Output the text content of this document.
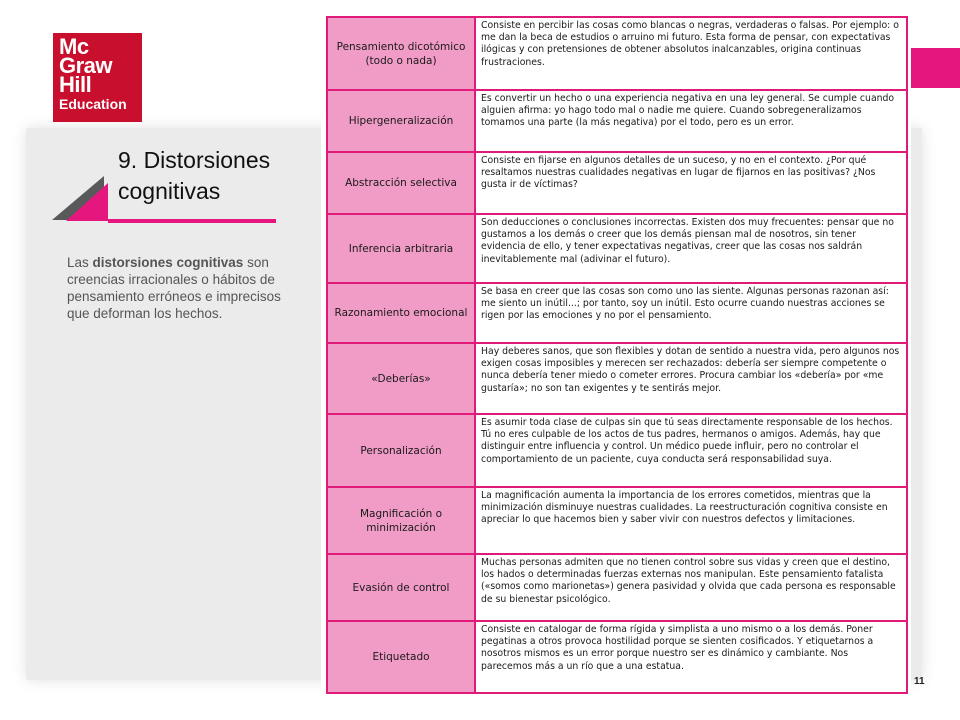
Mc
Graw
Hill
Education
9. Distorsiones cognitivas
Las distorsiones cognitivas son creencias irracionales o hábitos de pensamiento erróneos e imprecisos que deforman los hechos.
Pensamiento dicotómico (todo o nada)	Consiste en percibir las cosas como blancas o negras, verdaderas o falsas. Por ejemplo: o me dan la beca de estudios o arruino mi futuro. Esta forma de pensar, con expectativas ilógicas y con pretensiones de obtener absolutos inalcanzables, origina continuas frustraciones.
Hipergeneralización	Es convertir un hecho o una experiencia negativa en una ley general. Se cumple cuando alguien afirma: yo hago todo mal o nadie me quiere. Cuando sobregeneralizamos tomamos una parte (la más negativa) por el todo, pero es un error.
Abstracción selectiva	Consiste en fijarse en algunos detalles de un suceso, y no en el contexto. ¿Por qué resaltamos nuestras cualidades negativas en lugar de fijarnos en las positivas? ¿Nos gusta ir de víctimas?
Inferencia arbitraria	Son deducciones o conclusiones incorrectas. Existen dos muy frecuentes: pensar que no gustamos a los demás o creer que los demás piensan mal de nosotros, sin tener evidencia de ello, y tener expectativas negativas, creer que las cosas nos saldrán inevitablemente mal (adivinar el futuro).
Razonamiento emocional	Se basa en creer que las cosas son como uno las siente. Algunas personas razonan así: me siento un inútil...; por tanto, soy un inútil. Esto ocurre cuando nuestras acciones se rigen por las emociones y no por el pensamiento.
«Deberías»	Hay deberes sanos, que son flexibles y dotan de sentido a nuestra vida, pero algunos nos exigen cosas imposibles y merecen ser rechazados: debería ser siempre competente o nunca debería tener miedo o cometer errores. Procura cambiar los «debería» por «me gustaría»; no son tan exigentes y te sentirás mejor.
Personalización	Es asumir toda clase de culpas sin que tú seas directamente responsable de los hechos. Tú no eres culpable de los actos de tus padres, hermanos o amigos. Además, hay que distinguir entre influencia y control. Un médico puede influir, pero no controlar el comportamiento de un paciente, cuya conducta será responsabilidad suya.
Magnificación o minimización	La magnificación aumenta la importancia de los errores cometidos, mientras que la minimización disminuye nuestras cualidades. La reestructuración cognitiva consiste en apreciar lo que hacemos bien y saber vivir con nuestros defectos y limitaciones.
Evasión de control	Muchas personas admiten que no tienen control sobre sus vidas y creen que el destino, los hados o determinadas fuerzas externas nos manipulan. Este pensamiento fatalista («somos como marionetas») genera pasividad y olvida que cada persona es responsable de su bienestar psicológico.
Etiquetado	Consiste en catalogar de forma rígida y simplista a uno mismo o a los demás. Poner pegatinas a otros provoca hostilidad porque se sienten cosificados. Y etiquetarnos a nosotros mismos es un error porque nuestro ser es dinámico y cambiante. Nos parecemos más a un río que a una estatua.
11
